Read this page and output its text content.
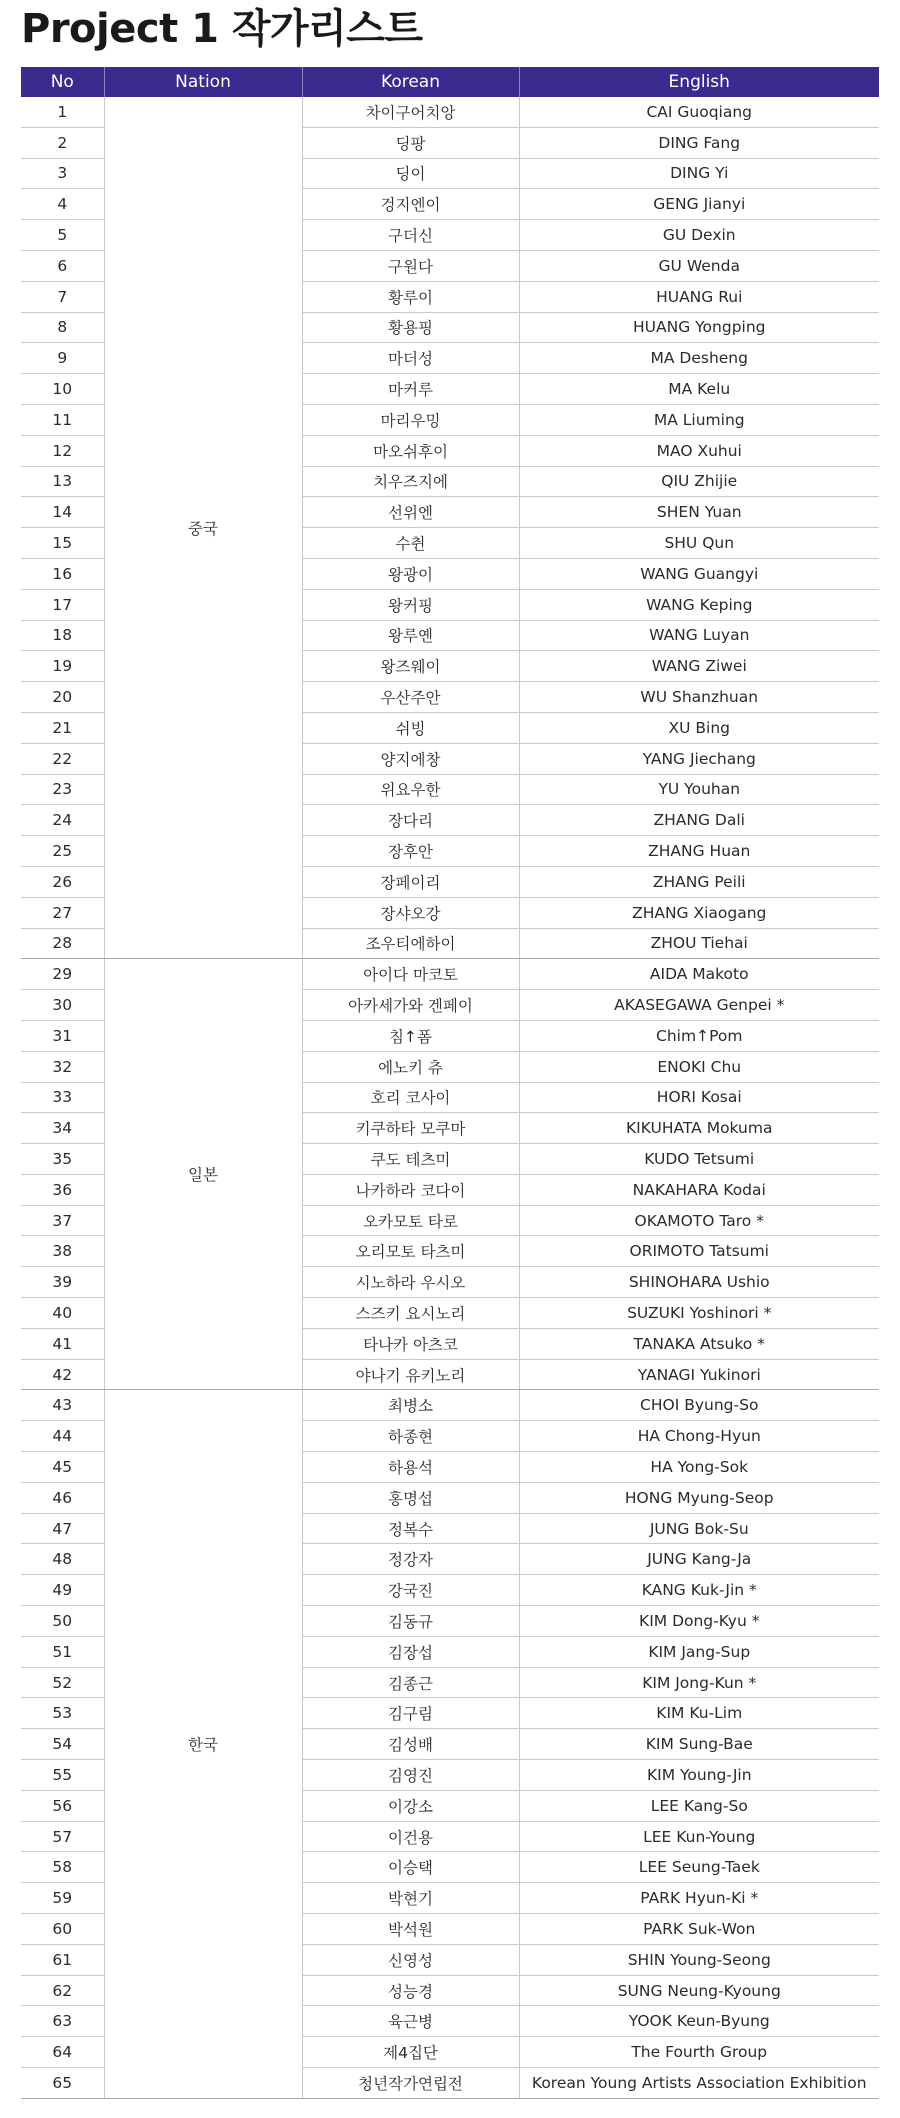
Project 1 작가리스트
No	Nation	Korean	English
1	중국	차이구어치앙	CAI Guoqiang
2		딩팡	DING Fang
3		딩이	DING Yi
4		겅지엔이	GENG Jianyi
5		구더신	GU Dexin
6		구원다	GU Wenda
7		황루이	HUANG Rui
8		황용핑	HUANG Yongping
9		마더성	MA Desheng
10		마커루	MA Kelu
11		마리우밍	MA Liuming
12		마오쉬후이	MAO Xuhui
13		치우즈지에	QIU Zhijie
14		선위엔	SHEN Yuan
15		수췬	SHU Qun
16		왕광이	WANG Guangyi
17		왕커핑	WANG Keping
18		왕루옌	WANG Luyan
19		왕즈웨이	WANG Ziwei
20		우산주안	WU Shanzhuan
21		쉬빙	XU Bing
22		양지에창	YANG Jiechang
23		위요우한	YU Youhan
24		장다리	ZHANG Dali
25		장후안	ZHANG Huan
26		장페이리	ZHANG Peili
27		장샤오강	ZHANG Xiaogang
28		조우티에하이	ZHOU Tiehai
29	일본	아이다 마코토	AIDA Makoto
30		아카세가와 겐페이	AKASEGAWA Genpei *
31		침↑폼	Chim↑Pom
32		에노키 츄	ENOKI Chu
33		호리 코사이	HORI Kosai
34		키쿠하타 모쿠마	KIKUHATA Mokuma
35		쿠도 테츠미	KUDO Tetsumi
36		나카하라 코다이	NAKAHARA Kodai
37		오카모토 타로	OKAMOTO Taro *
38		오리모토 타츠미	ORIMOTO Tatsumi
39		시노하라 우시오	SHINOHARA Ushio
40		스즈키 요시노리	SUZUKI Yoshinori *
41		타나카 아츠코	TANAKA Atsuko *
42		야나기 유키노리	YANAGI Yukinori
43	한국	최병소	CHOI Byung-So
44		하종현	HA Chong-Hyun
45		하용석	HA Yong-Sok
46		홍명섭	HONG Myung-Seop
47		정복수	JUNG Bok-Su
48		정강자	JUNG Kang-Ja
49		강국진	KANG Kuk-Jin *
50		김동규	KIM Dong-Kyu *
51		김장섭	KIM Jang-Sup
52		김종근	KIM Jong-Kun *
53		김구림	KIM Ku-Lim
54		김성배	KIM Sung-Bae
55		김영진	KIM Young-Jin
56		이강소	LEE Kang-So
57		이건용	LEE Kun-Young
58		이승택	LEE Seung-Taek
59		박현기	PARK Hyun-Ki *
60		박석원	PARK Suk-Won
61		신영성	SHIN Young-Seong
62		성능경	SUNG Neung-Kyoung
63		육근병	YOOK Keun-Byung
64		제4집단	The Fourth Group
65		청년작가연립전	Korean Young Artists Association Exhibition
